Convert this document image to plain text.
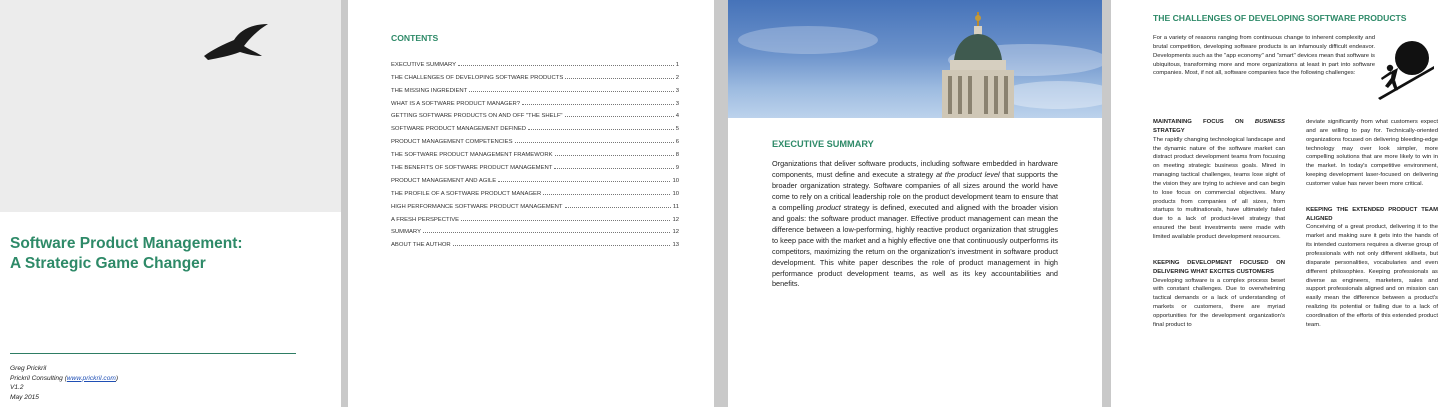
Software Product Management:
A Strategic Game Changer
Greg Prickril
Prickril Consulting (www.prickril.com)
V1.2
May 2015
CONTENTS
EXECUTIVE SUMMARY	1
THE CHALLENGES OF DEVELOPING SOFTWARE PRODUCTS	2
THE MISSING INGREDIENT	3
WHAT IS A SOFTWARE PRODUCT MANAGER?	3
GETTING SOFTWARE PRODUCTS ON AND OFF "THE SHELF"	4
SOFTWARE PRODUCT MANAGEMENT DEFINED	5
PRODUCT MANAGEMENT COMPETENCIES	6
THE SOFTWARE PRODUCT MANAGEMENT FRAMEWORK	8
THE BENEFITS OF SOFTWARE PRODUCT MANAGEMENT	9
PRODUCT MANAGEMENT AND AGILE	10
THE PROFILE OF A SOFTWARE PRODUCT MANAGER	10
HIGH PERFORMANCE SOFTWARE PRODUCT MANAGEMENT	11
A FRESH PERSPECTIVE	12
SUMMARY	12
ABOUT THE AUTHOR	13
EXECUTIVE SUMMARY
Organizations that deliver software products, including software embedded in hardware components, must define and execute a strategy at the product level that supports the broader organization strategy. Software companies of all sizes around the world have come to rely on a critical leadership role on the product development team to ensure that a compelling product strategy is defined, executed and aligned with the broader vision and goals: the software product manager. Effective product management can mean the difference between a low-performing, highly reactive product organization that struggles to keep pace with the market and a highly effective one that continuously outperforms its competitors, maximizing the return on the organization's investment in software product development. This white paper describes the role of product management in high performance product development teams, as well as its key accountabilities and benefits.
THE CHALLENGES OF DEVELOPING SOFTWARE PRODUCTS
For a variety of reasons ranging from continuous change to inherent complexity and brutal competition, developing software products is an infamously difficult endeavor. Developments such as the "app economy" and "smart" devices mean that software is ubiquitous, transforming more and more organizations at least in part into software companies. Most, if not all, software companies face the following challenges:
MAINTAINING FOCUS ON BUSINESS STRATEGY

The rapidly changing technological landscape and the dynamic nature of the software market can distract product development teams from focusing on meeting strategic business goals. Mired in managing tactical challenges, teams lose sight of the vision they are trying to achieve and can begin to lose focus on commercial objectives. Many products from companies of all sizes, from startups to multinationals, have ultimately failed due to a lack of product-level strategy that ensured the best investments were made with limited available product development resources.

KEEPING DEVELOPMENT FOCUSED ON DELIVERING WHAT EXCITES CUSTOMERS

Developing software is a complex process beset with constant challenges. Due to overwhelming tactical demands or a lack of understanding of markets or customers, there are myriad opportunities for the development organization's final product to

deviate significantly from what customers expect and are willing to pay for. Technically-oriented organizations focused on delivering bleeding-edge technology may over look simpler, more compelling solutions that are more likely to win in the market. In today's competitive environment, keeping development laser-focused on delivering customer value has never been more critical.

KEEPING THE EXTENDED PRODUCT TEAM ALIGNED

Conceiving of a great product, delivering it to the market and making sure it gets into the hands of its intended customers requires a diverse group of professionals with not only different skillsets, but disparate personalities, vocabularies and even different philosophies. Keeping professionals as diverse as engineers, marketers, sales and support professionals aligned and on mission can easily mean the difference between a product's realizing its potential or failing due to a lack of coordination of the efforts of this extended product team.
